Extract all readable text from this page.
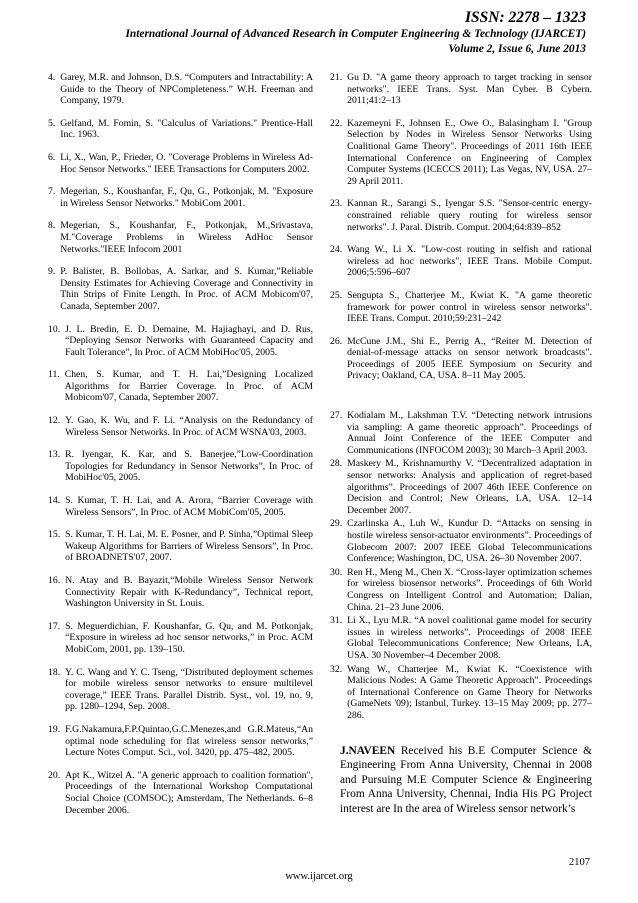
ISSN: 2278 – 1323
International Journal of Advanced Research in Computer Engineering & Technology (IJARCET)
Volume 2, Issue 6, June 2013
4. Garey, M.R. and Johnson, D.S. “Computers and Intractability: A Guide to the Theory of NPCompleteness.” W.H. Freeman and Company, 1979.
5. Gelfand, M. Fomin, S. "Calculus of Variations." Prentice-Hall Inc. 1963.
6. Li, X., Wan, P., Frieder, O. "Coverage Problems in Wireless Ad-Hoc Sensor Networks." IEEE Transactions for Computers 2002.
7. Megerian, S., Koushanfar, F., Qu, G., Potkonjak, M. "Exposure in Wireless Sensor Networks." MobiCom 2001.
8. Megerian, S., Koushanfar, F., Potkonjak, M.,Srivastava, M."Coverage Problems in Wireless AdHoc Sensor Networks."IEEE Infocom 2001
9. P. Balister, B. Bollobas, A. Sarkar, and S. Kumar,”Reliable Density Estimates for Achieving Coverage and Connectivity in Thin Strips of Finite Length. In Proc. of ACM Mobicom'07, Canada, September 2007.
10. J. L. Bredin, E. D. Demaine, M. Hajiaghayi, and D. Rus, “Deploying Sensor Networks with Guaranteed Capacity and Fault Tolerance”, In Proc. of ACM MobiHoc'05, 2005.
11. Chen, S. Kumar, and T. H. Lai,”Designing Localized Algorithms for Barrier Coverage. In Proc. of ACM Mobicom'07, Canada, September 2007.
12. Y. Gao, K. Wu, and F. Li. “Analysis on the Redundancy of Wireless Sensor Networks. In Proc. of ACM WSNA'03, 2003.
13. R. Iyengar, K. Kar, and S. Banerjee,”Low-Coordination Topologies for Redundancy in Sensor Networks”, In Proc. of MobiHoc'05, 2005.
14. S. Kumar, T. H. Lai, and A. Arora, “Barrier Coverage with Wireless Sensors”, In Proc. of ACM MobiCom'05, 2005.
15. S. Kumar, T. H. Lai, M. E. Posner, and P. Sinha,”Optimal Sleep Wakeup Algorithms for Barriers of Wireless Sensors”, In Proc. of BROADNETS'07, 2007.
16. N. Atay and B. Bayazit,“Mobile Wireless Sensor Network Connectivity Repair with K-Redundancy”, Technical report, Washington University in St. Louis.
17. S. Meguerdichian, F. Koushanfar, G. Qu, and M. Potkonjak, “Exposure in wireless ad hoc sensor networks,” in Proc. ACM MobiCom, 2001, pp. 139–150.
18. Y. C. Wang and Y. C. Tseng, “Distributed deployment schemes for mobile wireless sensor networks to ensure multilevel coverage,” IEEE Trans. Parallel Distrib. Syst., vol. 19, no. 9, pp. 1280–1294, Sep. 2008.
19. F.G.Nakamura,F.P.Quintao,G.C.Menezes,and G.R.Mateus,“An optimal node scheduling for flat wireless sensor networks,” Lecture Notes Comput. Sci., vol. 3420, pp. 475–482, 2005.
20. Apt K., Witzel A. "A generic approach to coalition formation", Proceedings of the International Workshop Computational Social Choice (COMSOC); Amsterdam, The Netherlands. 6–8 December 2006.
21. Gu D. "A game theory approach to target tracking in sensor networks". IEEE Trans. Syst. Man Cyber. B Cybern. 2011;41:2–13
22. Kazemeyni F., Johnsen E., Owe O., Balasingham I. "Group Selection by Nodes in Wireless Sensor Networks Using Coalitional Game Theory". Proceedings of 2011 16th IEEE International Conference on Engineering of Complex Computer Systems (ICECCS 2011); Las Vegas, NV, USA. 27–29 April 2011.
23. Kannan R., Sarangi S., Iyengar S.S. "Sensor-centric energy-constrained reliable query routing for wireless sensor networks". J. Paral. Distrib. Comput. 2004;64:839–852
24. Wang W., Li X. "Low-cost routing in selfish and rational wireless ad hoc networks", IEEE Trans. Mobile Comput. 2006;5:596–607
25. Sengupta S., Chatterjee M., Kwiat K. "A game theoretic framework for power control in wireless sensor networks". IEEE Trans. Comput. 2010;59:231–242
26. McCune J.M., Shi E., Perrig A., “Reiter M. Detection of denial-of-message attacks on sensor network broadcasts”. Proceedings of 2005 IEEE Symposium on Security and Privacy; Oakland, CA, USA. 8–11 May 2005.
27. Kodialam M., Lakshman T.V. “Detecting network intrusions via sampling: A game theoretic approach”. Proceedings of Annual Joint Conference of the IEEE Computer and Communications (INFOCOM 2003); 30 March–3 April 2003.
28. Maskery M., Krishnamurthy V. “Decentralized adaptation in sensor networks: Analysis and application of regret-based algorithms”. Proceedings of 2007 46th IEEE Conference on Decision and Control; New Orleans, LA, USA. 12–14 December 2007.
29. Czarlinska A., Luh W., Kundur D. “Attacks on sensing in hostile wireless sensor-actuator environments”. Proceedings of Globecom 2007: 2007 IEEE Global Telecommunications Conference; Washington, DC, USA. 26–30 November 2007.
30. Ren H., Meng M., Chen X. “Cross-layer optimization schemes for wireless biosensor networks”. Proceedings of 6th World Congress on Intelligent Control and Automation; Dalian, China. 21–23 June 2006.
31. Li X., Lyu M.R. “A novel coalitional game model for security issues in wireless networks”. Proceedings of 2008 IEEE Global Telecommunications Conference; New Orleans, LA, USA. 30 November–4 December 2008.
32. Wang W., Chatterjee M., Kwiat K. “Coexistence with Malicious Nodes: A Game Theoretic Approach”. Proceedings of International Conference on Game Theory for Networks (GameNets '09); Istanbul, Turkey. 13–15 May 2009; pp. 277–286.
J.NAVEEN Received his B.E Computer Science & Engineering From Anna University, Chennai in 2008 and Pursuing M.E Computer Science & Engineering From Anna University, Chennai, India His PG Project interest are In the area of Wireless sensor network’s
2107
www.ijarcet.org
